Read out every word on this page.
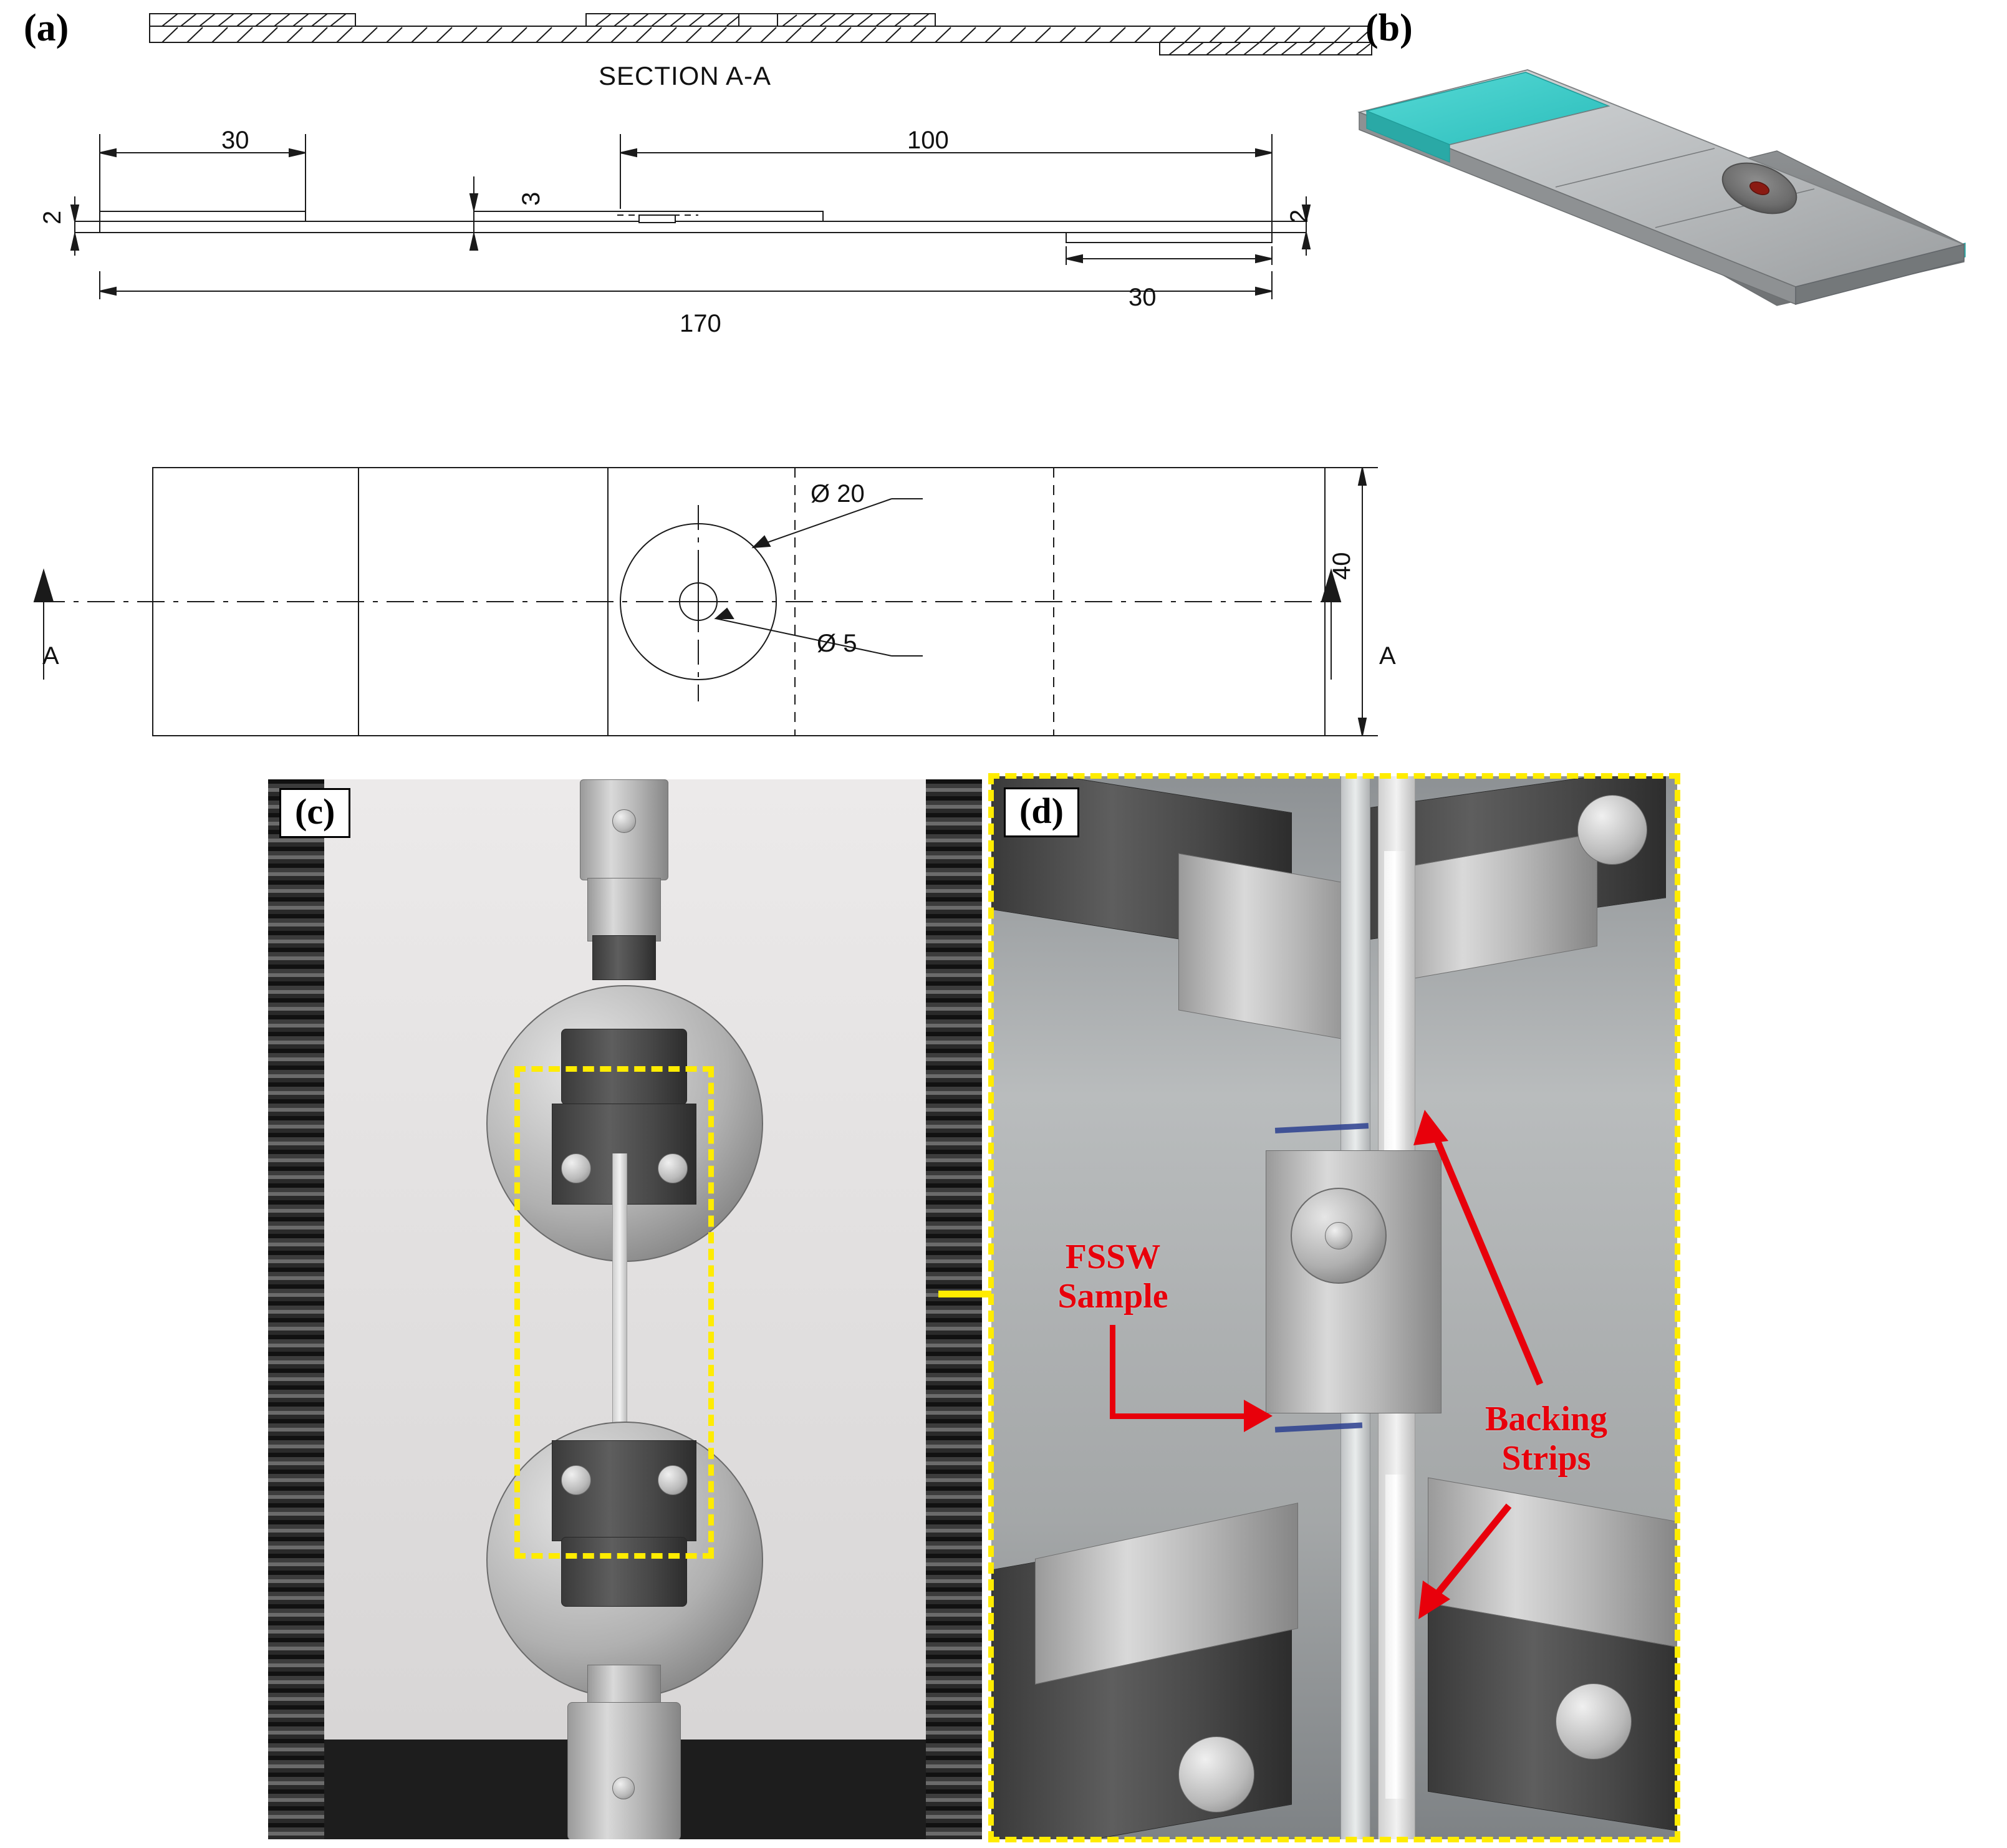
(a)
SECTION A-A
30	100
170
30
3
2	2
Ø 20
Ø 5
40
A	A
(b)
(c)
FSSW
Sample
Backing
Strips
(d)
